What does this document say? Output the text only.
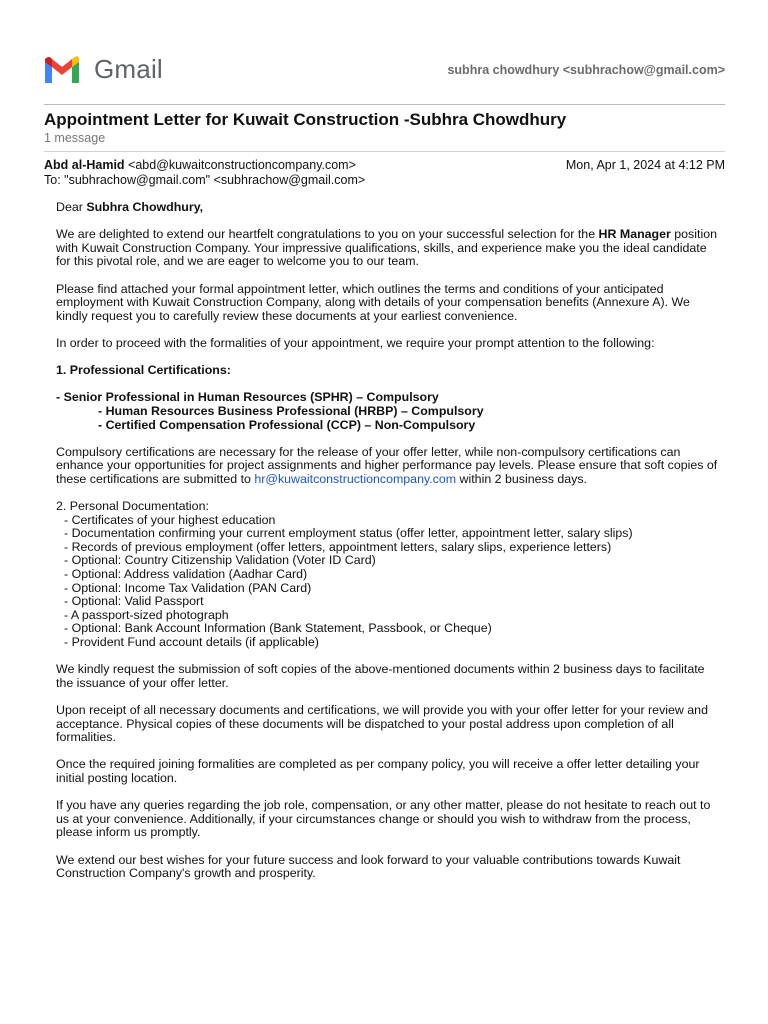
Gmail	subhra chowdhury <subhrachow@gmail.com>
Appointment Letter for Kuwait Construction -Subhra Chowdhury
1 message
Abd al-Hamid <abd@kuwaitconstructioncompany.com>	Mon, Apr 1, 2024 at 4:12 PM
To: "subhrachow@gmail.com" <subhrachow@gmail.com>

Dear Subhra Chowdhury,

We are delighted to extend our heartfelt congratulations to you on your successful selection for the HR Manager position with Kuwait Construction Company. Your impressive qualifications, skills, and experience make you the ideal candidate for this pivotal role, and we are eager to welcome you to our team.

Please find attached your formal appointment letter, which outlines the terms and conditions of your anticipated employment with Kuwait Construction Company, along with details of your compensation benefits (Annexure A). We kindly request you to carefully review these documents at your earliest convenience.

In order to proceed with the formalities of your appointment, we require your prompt attention to the following:

1. Professional Certifications:

- Senior Professional in Human Resources (SPHR) – Compulsory
- Human Resources Business Professional (HRBP) – Compulsory
- Certified Compensation Professional (CCP) – Non-Compulsory

Compulsory certifications are necessary for the release of your offer letter, while non-compulsory certifications can enhance your opportunities for project assignments and higher performance pay levels. Please ensure that soft copies of these certifications are submitted to hr@kuwaitconstructioncompany.com within 2 business days.

2. Personal Documentation:
- Certificates of your highest education
- Documentation confirming your current employment status (offer letter, appointment letter, salary slips)
- Records of previous employment (offer letters, appointment letters, salary slips, experience letters)
- Optional: Country Citizenship Validation (Voter ID Card)
- Optional: Address validation (Aadhar Card)
- Optional: Income Tax Validation (PAN Card)
- Optional: Valid Passport
- A passport-sized photograph
- Optional: Bank Account Information (Bank Statement, Passbook, or Cheque)
- Provident Fund account details (if applicable)

We kindly request the submission of soft copies of the above-mentioned documents within 2 business days to facilitate the issuance of your offer letter.

Upon receipt of all necessary documents and certifications, we will provide you with your offer letter for your review and acceptance. Physical copies of these documents will be dispatched to your postal address upon completion of all formalities.

Once the required joining formalities are completed as per company policy, you will receive a offer letter detailing your initial posting location.

If you have any queries regarding the job role, compensation, or any other matter, please do not hesitate to reach out to us at your convenience. Additionally, if your circumstances change or should you wish to withdraw from the process, please inform us promptly.

We extend our best wishes for your future success and look forward to your valuable contributions towards Kuwait Construction Company's growth and prosperity.
